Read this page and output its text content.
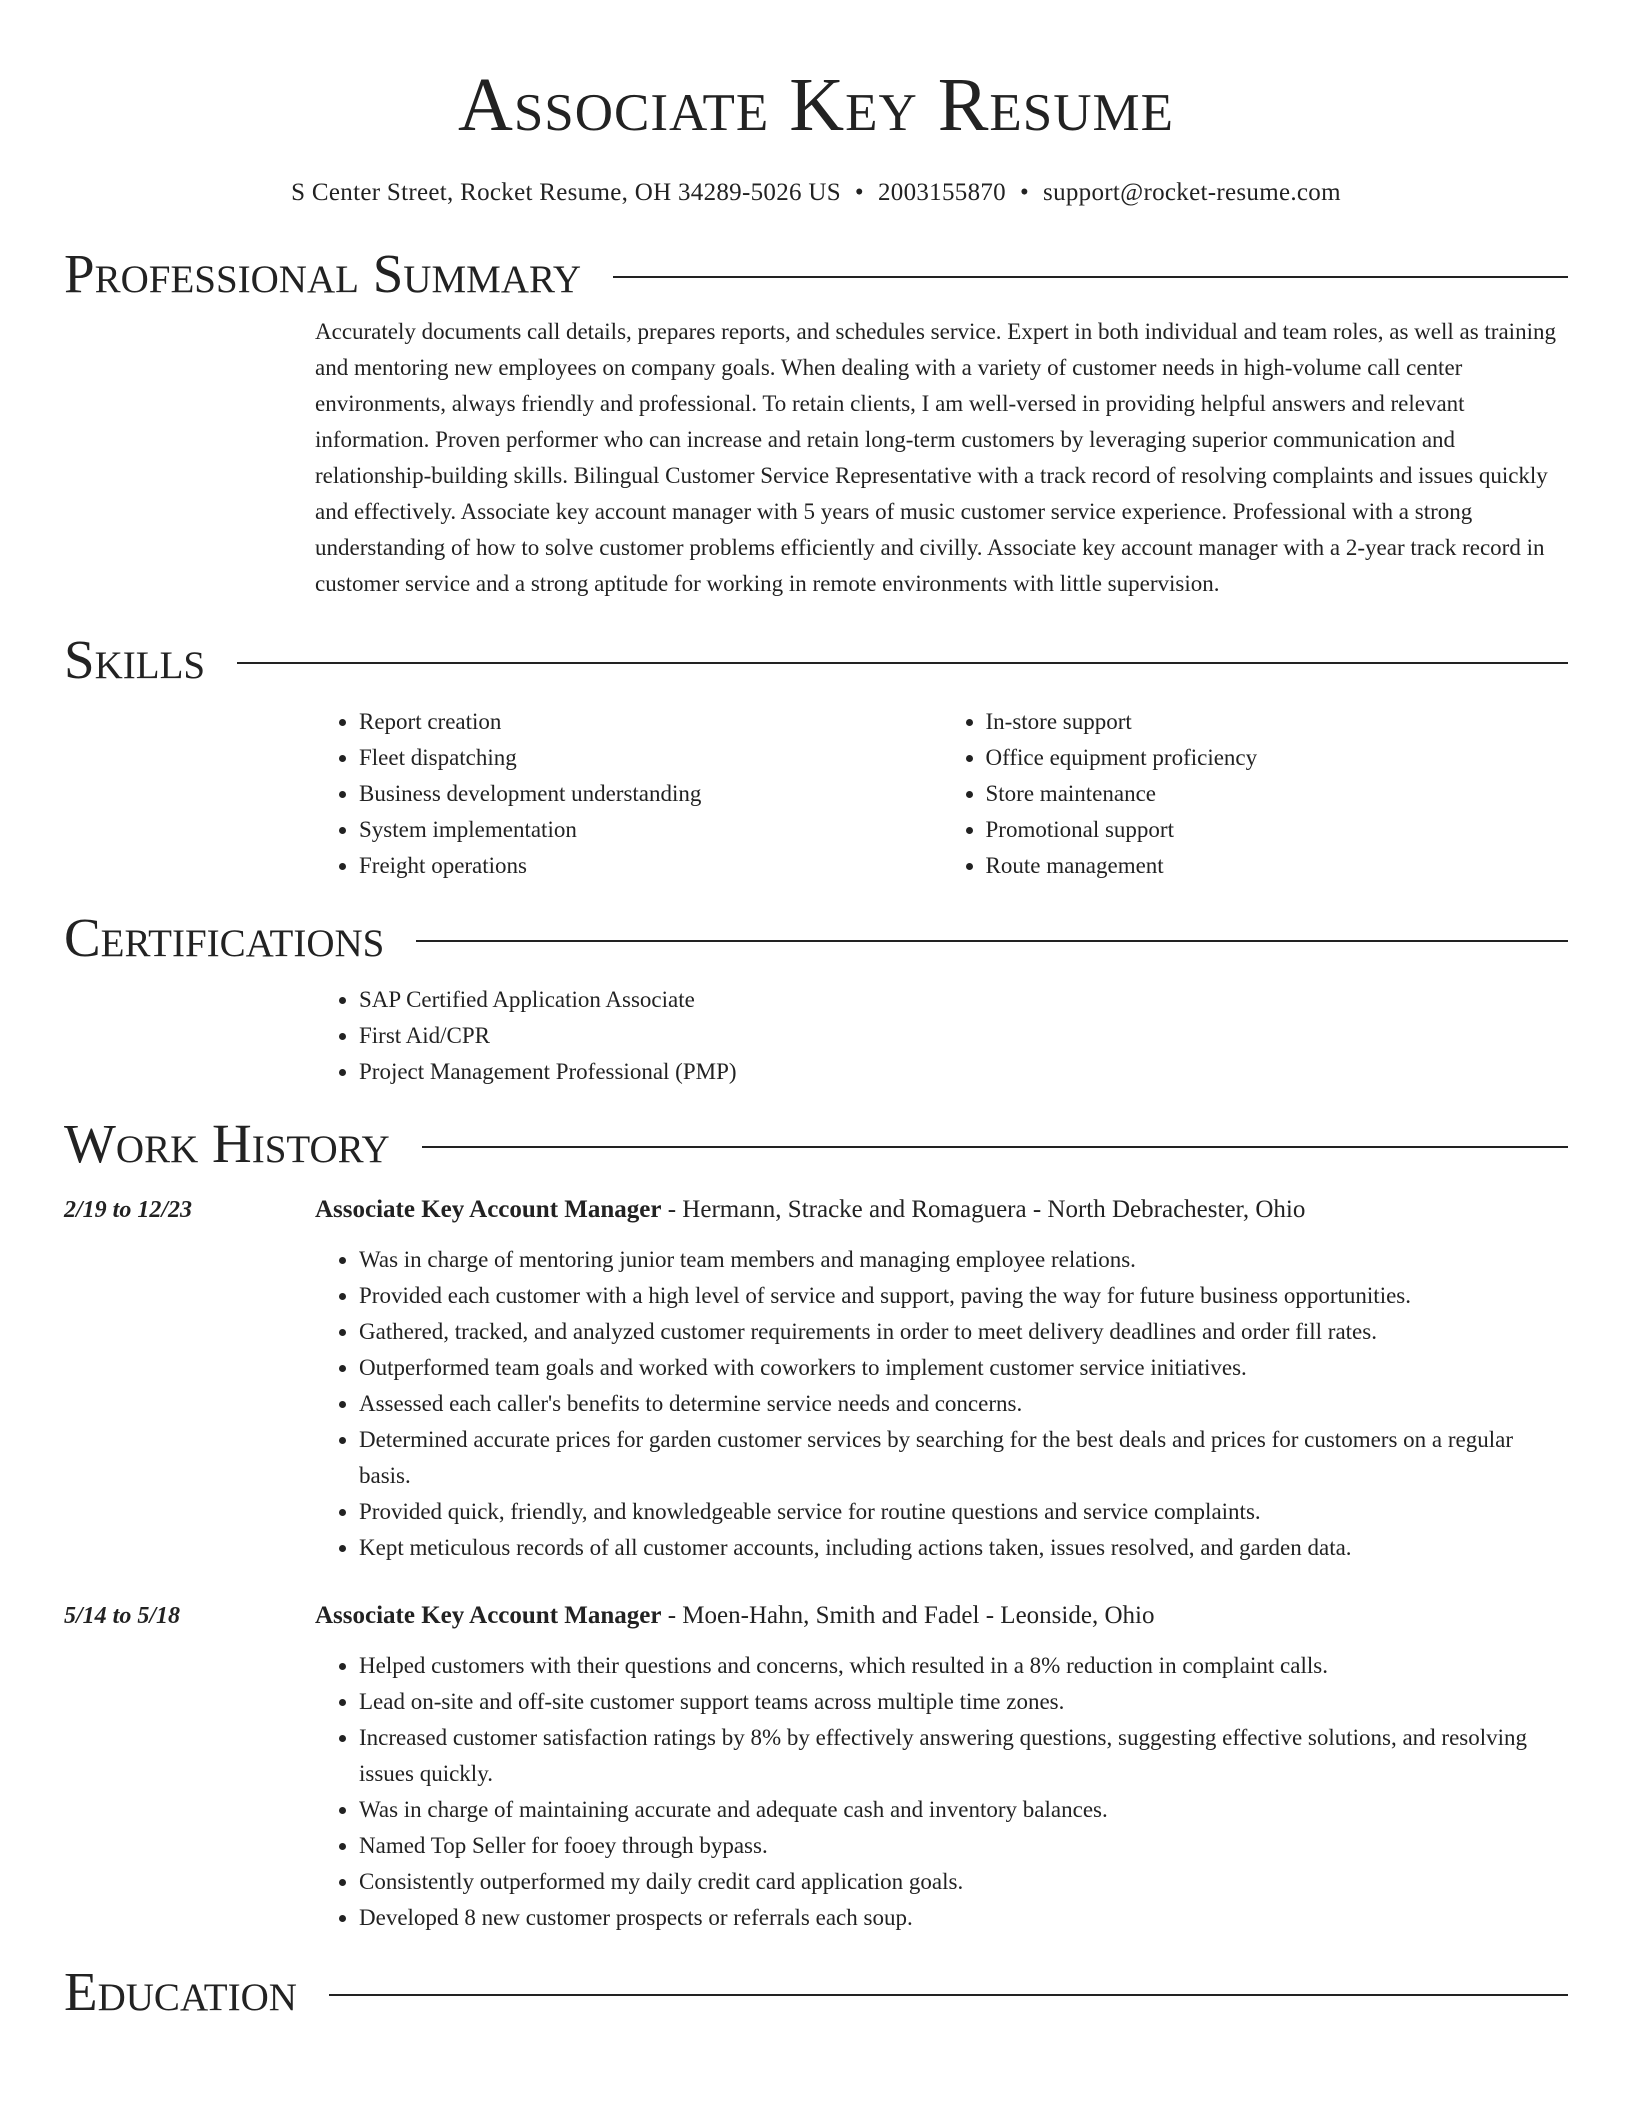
Associate Key Resume
S Center Street, Rocket Resume, OH 34289-5026 US • 2003155870 • support@rocket-resume.com
Professional Summary

Accurately documents call details, prepares reports, and schedules service. Expert in both individual and team roles, as well as training and mentoring new employees on company goals. When dealing with a variety of customer needs in high-volume call center environments, always friendly and professional. To retain clients, I am well-versed in providing helpful answers and relevant information. Proven performer who can increase and retain long-term customers by leveraging superior communication and relationship-building skills. Bilingual Customer Service Representative with a track record of resolving complaints and issues quickly and effectively. Associate key account manager with 5 years of music customer service experience. Professional with a strong understanding of how to solve customer problems efficiently and civilly. Associate key account manager with a 2-year track record in customer service and a strong aptitude for working in remote environments with little supervision.

Skills
• Report creation
• Fleet dispatching
• Business development understanding
• System implementation
• Freight operations
• In-store support
• Office equipment proficiency
• Store maintenance
• Promotional support
• Route management
Certifications
• SAP Certified Application Associate
• First Aid/CPR
• Project Management Professional (PMP)
Work History
2/19 to 12/23	Associate Key Account Manager - Hermann, Stracke and Romaguera - North Debrachester, Ohio
• Was in charge of mentoring junior team members and managing employee relations.
• Provided each customer with a high level of service and support, paving the way for future business opportunities.
• Gathered, tracked, and analyzed customer requirements in order to meet delivery deadlines and order fill rates.
• Outperformed team goals and worked with coworkers to implement customer service initiatives.
• Assessed each caller's benefits to determine service needs and concerns.
• Determined accurate prices for garden customer services by searching for the best deals and prices for customers on a regular basis.
• Provided quick, friendly, and knowledgeable service for routine questions and service complaints.
• Kept meticulous records of all customer accounts, including actions taken, issues resolved, and garden data.
5/14 to 5/18	Associate Key Account Manager - Moen-Hahn, Smith and Fadel - Leonside, Ohio
• Helped customers with their questions and concerns, which resulted in a 8% reduction in complaint calls.
• Lead on-site and off-site customer support teams across multiple time zones.
• Increased customer satisfaction ratings by 8% by effectively answering questions, suggesting effective solutions, and resolving issues quickly.
• Was in charge of maintaining accurate and adequate cash and inventory balances.
• Named Top Seller for fooey through bypass.
• Consistently outperformed my daily credit card application goals.
• Developed 8 new customer prospects or referrals each soup.
Education
